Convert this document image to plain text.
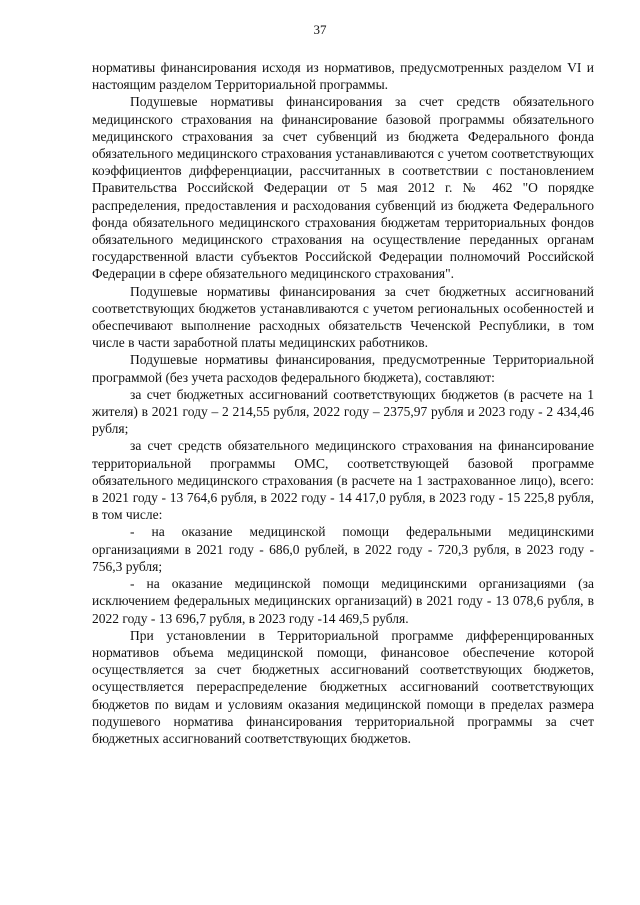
37

нормативы финансирования исходя из нормативов, предусмотренных разделом VI и настоящим разделом Территориальной программы.

Подушевые нормативы финансирования за счет средств обязательного медицинского страхования на финансирование базовой программы обязательного медицинского страхования за счет субвенций из бюджета Федерального фонда обязательного медицинского страхования устанавливаются с учетом соответствующих коэффициентов дифференциации, рассчитанных в соответствии с постановлением Правительства Российской Федерации от 5 мая 2012 г. № 462 "О порядке распределения, предоставления и расходования субвенций из бюджета Федерального фонда обязательного медицинского страхования бюджетам территориальных фондов обязательного медицинского страхования на осуществление переданных органам государственной власти субъектов Российской Федерации полномочий Российской Федерации в сфере обязательного медицинского страхования".

Подушевые нормативы финансирования за счет бюджетных ассигнований соответствующих бюджетов устанавливаются с учетом региональных особенностей и обеспечивают выполнение расходных обязательств Чеченской Республики, в том числе в части заработной платы медицинских работников.

Подушевые нормативы финансирования, предусмотренные Территориальной программой (без учета расходов федерального бюджета), составляют:

за счет бюджетных ассигнований соответствующих бюджетов (в расчете на 1 жителя) в 2021 году – 2 214,55 рубля, 2022 году – 2375,97 рубля и 2023 году - 2 434,46 рубля;

за счет средств обязательного медицинского страхования на финансирование территориальной программы ОМС, соответствующей базовой программе обязательного медицинского страхования (в расчете на 1 застрахованное лицо), всего: в 2021 году - 13 764,6 рубля, в 2022 году - 14 417,0 рубля, в 2023 году - 15 225,8 рубля, в том числе:

- на оказание медицинской помощи федеральными медицинскими организациями в 2021 году - 686,0 рублей, в 2022 году - 720,3 рубля, в 2023 году - 756,3 рубля;

- на оказание медицинской помощи медицинскими организациями (за исключением федеральных медицинских организаций) в 2021 году - 13 078,6 рубля, в 2022 году - 13 696,7 рубля, в 2023 году -14 469,5 рубля.

При установлении в Территориальной программе дифференцированных нормативов объема медицинской помощи, финансовое обеспечение которой осуществляется за счет бюджетных ассигнований соответствующих бюджетов, осуществляется перераспределение бюджетных ассигнований соответствующих бюджетов по видам и условиям оказания медицинской помощи в пределах размера подушевого норматива финансирования территориальной программы за счет бюджетных ассигнований соответствующих бюджетов.
